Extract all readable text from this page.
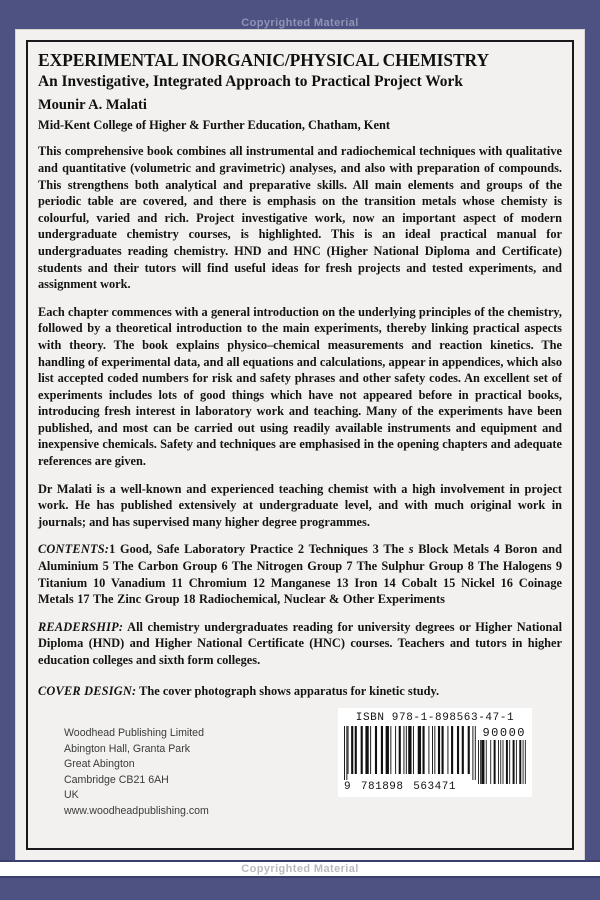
Copyrighted Material
EXPERIMENTAL INORGANIC/PHYSICAL CHEMISTRY
An Investigative, Integrated Approach to Practical Project Work
Mounir A. Malati
Mid-Kent College of Higher & Further Education, Chatham, Kent

This comprehensive book combines all instrumental and radiochemical techniques with qualitative and quantitative (volumetric and gravimetric) analyses, and also with preparation of compounds. This strengthens both analytical and preparative skills. All main elements and groups of the periodic table are covered, and there is emphasis on the transition metals whose chemisty is colourful, varied and rich. Project investigative work, now an important aspect of modern undergraduate chemistry courses, is highlighted. This is an ideal practical manual for undergraduates reading chemistry. HND and HNC (Higher National Diploma and Certificate) students and their tutors will find useful ideas for fresh projects and tested experiments, and assignment work.

Each chapter commences with a general introduction on the underlying principles of the chemistry, followed by a theoretical introduction to the main experiments, thereby linking practical aspects with theory. The book explains physico–chemical measurements and reaction kinetics. The handling of experimental data, and all equations and calculations, appear in appendices, which also list accepted coded numbers for risk and safety phrases and other safety codes. An excellent set of experiments includes lots of good things which have not appeared before in practical books, introducing fresh interest in laboratory work and teaching. Many of the experiments have been published, and most can be carried out using readily available instruments and equipment and inexpensive chemicals. Safety and techniques are emphasised in the opening chapters and adequate references are given.

Dr Malati is a well-known and experienced teaching chemist with a high involvement in project work. He has published extensively at undergraduate level, and with much original work in journals; and has supervised many higher degree programmes.

CONTENTS:1 Good, Safe Laboratory Practice 2 Techniques 3 The s Block Metals 4 Boron and Aluminium 5 The Carbon Group 6 The Nitrogen Group 7 The Sulphur Group 8 The Halogens 9 Titanium 10 Vanadium 11 Chromium 12 Manganese 13 Iron 14 Cobalt 15 Nickel 16 Coinage Metals 17 The Zinc Group 18 Radiochemical, Nuclear & Other Experiments
READERSHIP: All chemistry undergraduates reading for university degrees or Higher National Diploma (HND) and Higher National Certificate (HNC) courses. Teachers and tutors in higher education colleges and sixth form colleges.
COVER DESIGN: The cover photograph shows apparatus for kinetic study.
Woodhead Publishing Limited
Abington Hall, Granta Park
Great Abington
Cambridge CB21 6AH
UK
www.woodheadpublishing.com
ISBN 978-1-898563-47-1
9  781898  563471
90000
Copyrighted Material
